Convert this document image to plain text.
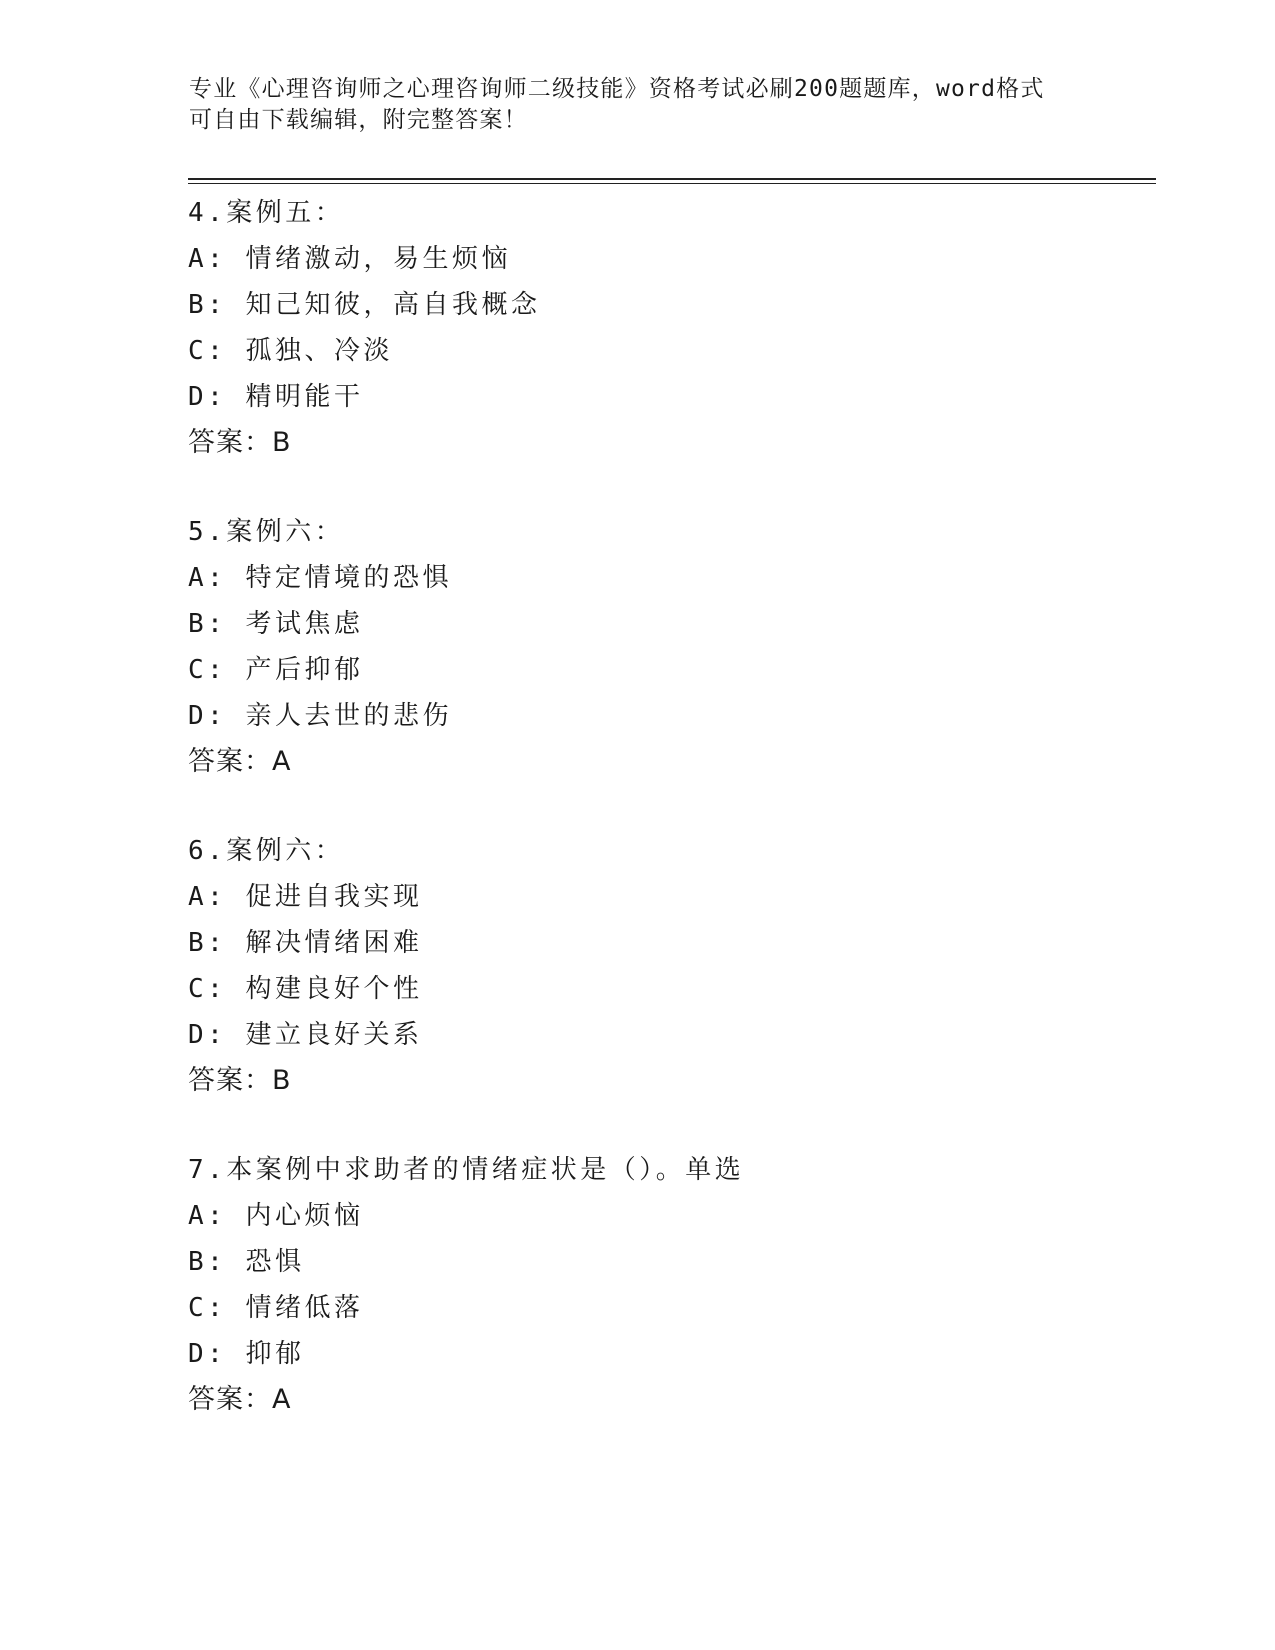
专业《心理咨询师之心理咨询师二级技能》资格考试必刷200题题库，word格式
可自由下载编辑，附完整答案！
4.案例五：
A: 情绪激动，易生烦恼
B: 知己知彼，高自我概念
C: 孤独、冷淡
D: 精明能干
答案：B
5.案例六：
A: 特定情境的恐惧
B: 考试焦虑
C: 产后抑郁
D: 亲人去世的悲伤
答案：A
6.案例六：
A: 促进自我实现
B: 解决情绪困难
C: 构建良好个性
D: 建立良好关系
答案：B
7.本案例中求助者的情绪症状是（）。单选
A: 内心烦恼
B: 恐惧
C: 情绪低落
D: 抑郁
答案：A
